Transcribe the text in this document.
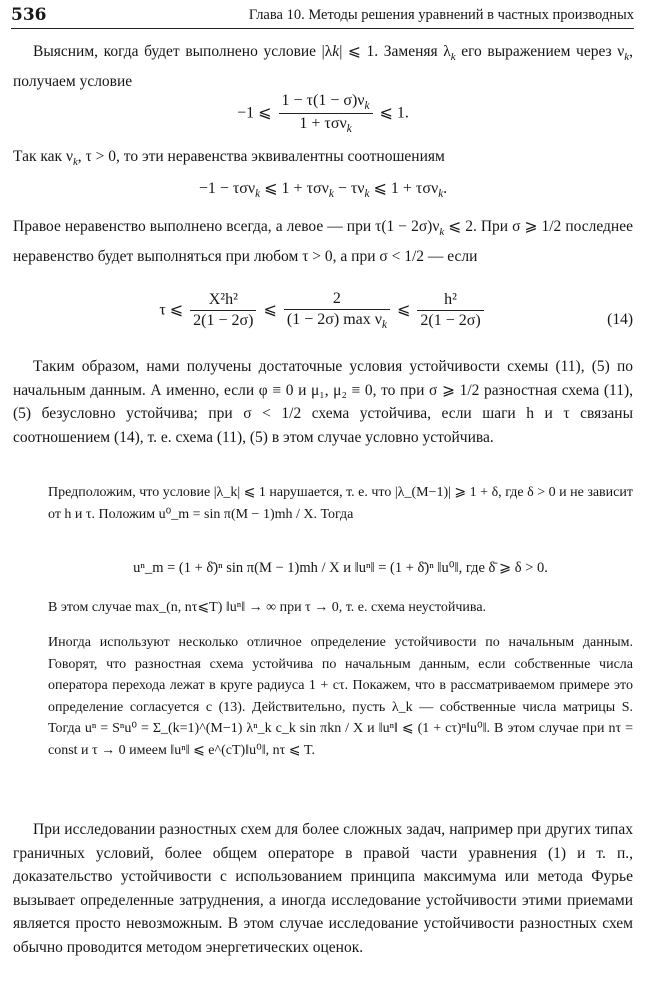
536	Глава 10. Методы решения уравнений в частных производных
Выясним, когда будет выполнено условие |λk| ⩽ 1. Заменяя $\lambda_k$ его выражением через $\nu_k$, получаем условие
−1 ⩽ $\frac{1 - \tau(1 - \sigma)\nu_k}{1 + \tau\sigma\nu_k}$ ⩽ 1.
Так как $\nu_k$, τ > 0, то эти неравенства эквивалентны соотношениям
−1 − τσν$_k$ ⩽ $1 + \tau\sigma\nu_k - \tau\nu_k$ ⩽ 1 + τσν$_k$.
Правое неравенство выполнено всегда, а левое — при $\tau(1 - 2\sigma)\nu_k$ ⩽ 2. При σ ⩾ 1/2 последнее неравенство будет выполняться при любом τ > 0, а при σ < 1/2 — если
τ ⩽ $\frac{\text{X²h²}}{2(1 - 2\sigma)}$ ⩽ $\frac{2}{(1 - 2\sigma) \max \nu_k}$ ⩽ $\frac{\text{h²}}{2(1 - 2\sigma)}$	(14)
Таким образом, нами получены достаточные условия устойчивости схемы (11), (5) по начальным данным. А именно, если φ ≡ 0 и μ₁, μ₂ ≡ 0, то при σ ⩾ 1/2 разностная схема (11), (5) безусловно устойчива; при σ < 1/2 схема устойчива, если шаги h и τ связаны соотношением (14), т. е. схема (11), (5) в этом случае условно устойчива.
Предположим, что условие |λ_k| ⩽ 1 нарушается, т. е. что |λ_(M−1)| ⩾ 1 + δ, где δ > 0 и не зависит от h и τ. Положим u⁰_m = sin π(M − 1)mh / X. Тогда
uⁿ_m = (1 + δ̄)ⁿ sin π(M − 1)mh / X и ‖uⁿ‖ = (1 + δ̄)ⁿ ‖u⁰‖, где δ̄ ⩾ δ > 0.
В этом случае max_(n, nτ⩽T) ‖uⁿ‖ → ∞ при τ → 0, т. е. схема неустойчива.
Иногда используют несколько отличное определение устойчивости по начальным данным. Говорят, что разностная схема устойчива по начальным данным, если собственные числа оператора перехода лежат в круге радиуса 1 + cτ. Покажем, что в рассматриваемом примере это определение согласуется с (13). Действительно, пусть λ_k — собственные числа матрицы S. Тогда uⁿ = Sⁿu⁰ = Σ_(k=1)^(M−1) λⁿ_k c_k sin πkn / X и ‖uⁿ‖ ⩽ (1 + cτ)ⁿ‖u⁰‖. В этом случае при nτ = const и τ → 0 имеем ‖uⁿ‖ ⩽ e^(cT)‖u⁰‖, nτ ⩽ T.
При исследовании разностных схем для более сложных задач, например при других типах граничных условий, более общем операторе в правой части уравнения (1) и т. п., доказательство устойчивости с использованием принципа максимума или метода Фурье вызывает определенные затруднения, а иногда исследование устойчивости этими приемами является просто невозможным. В этом случае исследование устойчивости разностных схем обычно проводится методом энергетических оценок.
